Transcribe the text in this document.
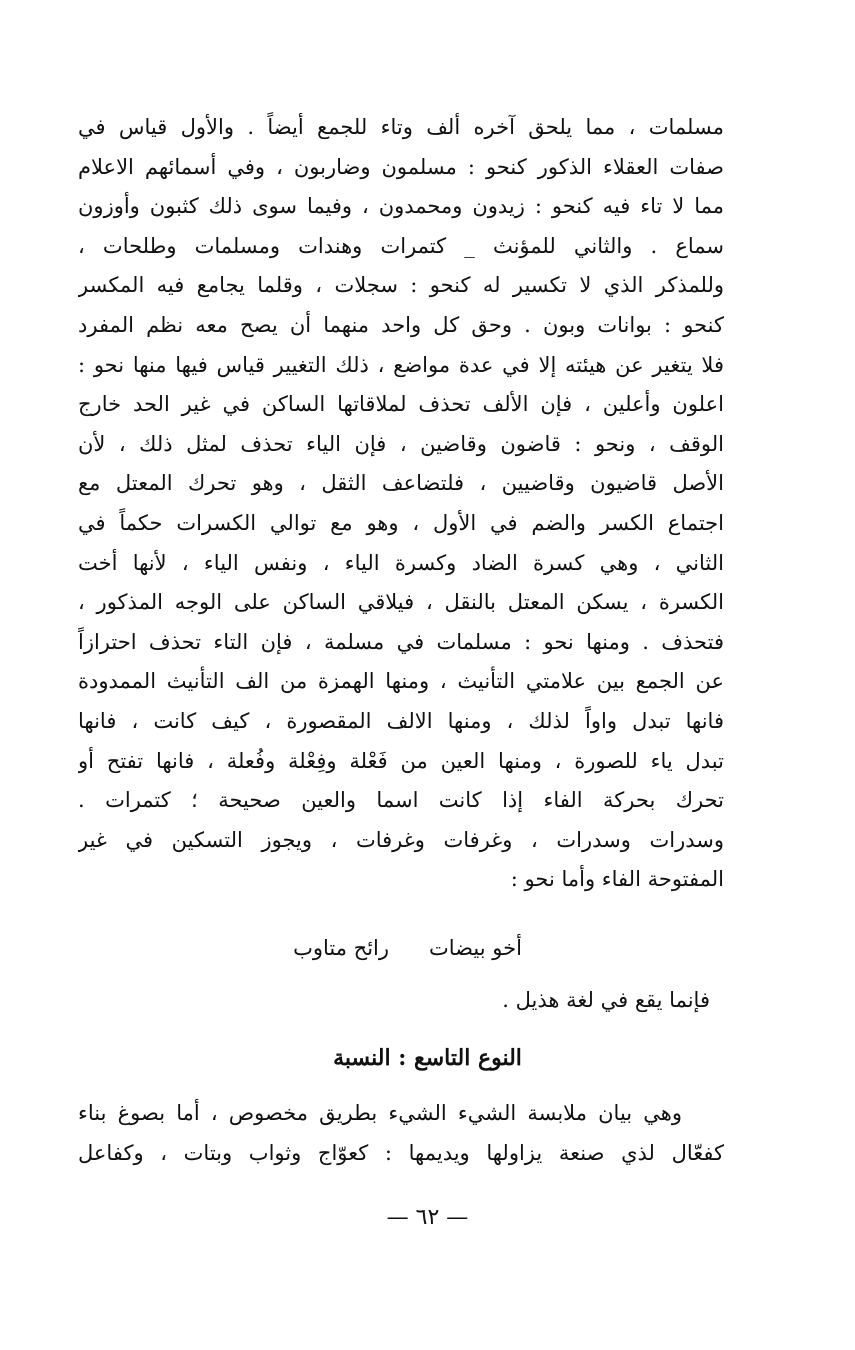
مسلمات ، مما يلحق آخره ألف وتاء للجمع أيضاً . والأول قياس في
صفات العقلاء الذكور كنحو : مسلمون وضاربون ، وفي أسمائهم الاعلام
مما لا تاء فيه كنحو : زيدون ومحمدون ، وفيما سوى ذلك كثبون وأوزون
سماع . والثاني للمؤنث _ كتمرات وهندات ومسلمات وطلحات ،
وللمذكر الذي لا تكسير له كنحو : سجلات ، وقلما يجامع فيه المكسر
كنحو : بوانات وبون . وحق كل واحد منهما أن يصح معه نظم المفرد
فلا يتغير عن هيئته إلا في عدة مواضع ، ذلك التغيير قياس فيها منها نحو :
اعلون وأعلين ، فإن الألف تحذف لملاقاتها الساكن في غير الحد خارج
الوقف ، ونحو : قاضون وقاضين ، فإن الياء تحذف لمثل ذلك ، لأن
الأصل قاضيون وقاضيين ، فلتضاعف الثقل ، وهو تحرك المعتل مع
اجتماع الكسر والضم في الأول ، وهو مع توالي الكسرات حكماً في
الثاني ، وهي كسرة الضاد وكسرة الياء ، ونفس الياء ، لأنها أخت
الكسرة ، يسكن المعتل بالنقل ، فيلاقي الساكن على الوجه المذكور ،
فتحذف . ومنها نحو : مسلمات في مسلمة ، فإن التاء تحذف احترازاً
عن الجمع بين علامتي التأنيث ، ومنها الهمزة من الف التأنيث الممدودة
فانها تبدل واواً لذلك ، ومنها الالف المقصورة ، كيف كانت ، فانها
تبدل ياء للصورة ، ومنها العين من فَعْلة وفِعْلة وفُعلة ، فانها تفتح أو
تحرك بحركة الفاء إذا كانت اسما والعين صحيحة ؛ كتمرات .
وسدرات وسدرات ، وغرفات وغرفات ، ويجوز التسكين في غير
المفتوحة الفاء وأما نحو :
أخو بيضاترائح متاوب
فإنما يقع في لغة هذيل .
النوع التاسع : النسبة
وهي بيان ملابسة الشيء الشيء بطريق مخصوص ، أما بصوغ بناء
كفعّال لذي صنعة يزاولها ويديمها : كعوّاج وثواب وبتات ، وكفاعل
— ٦٢ —
